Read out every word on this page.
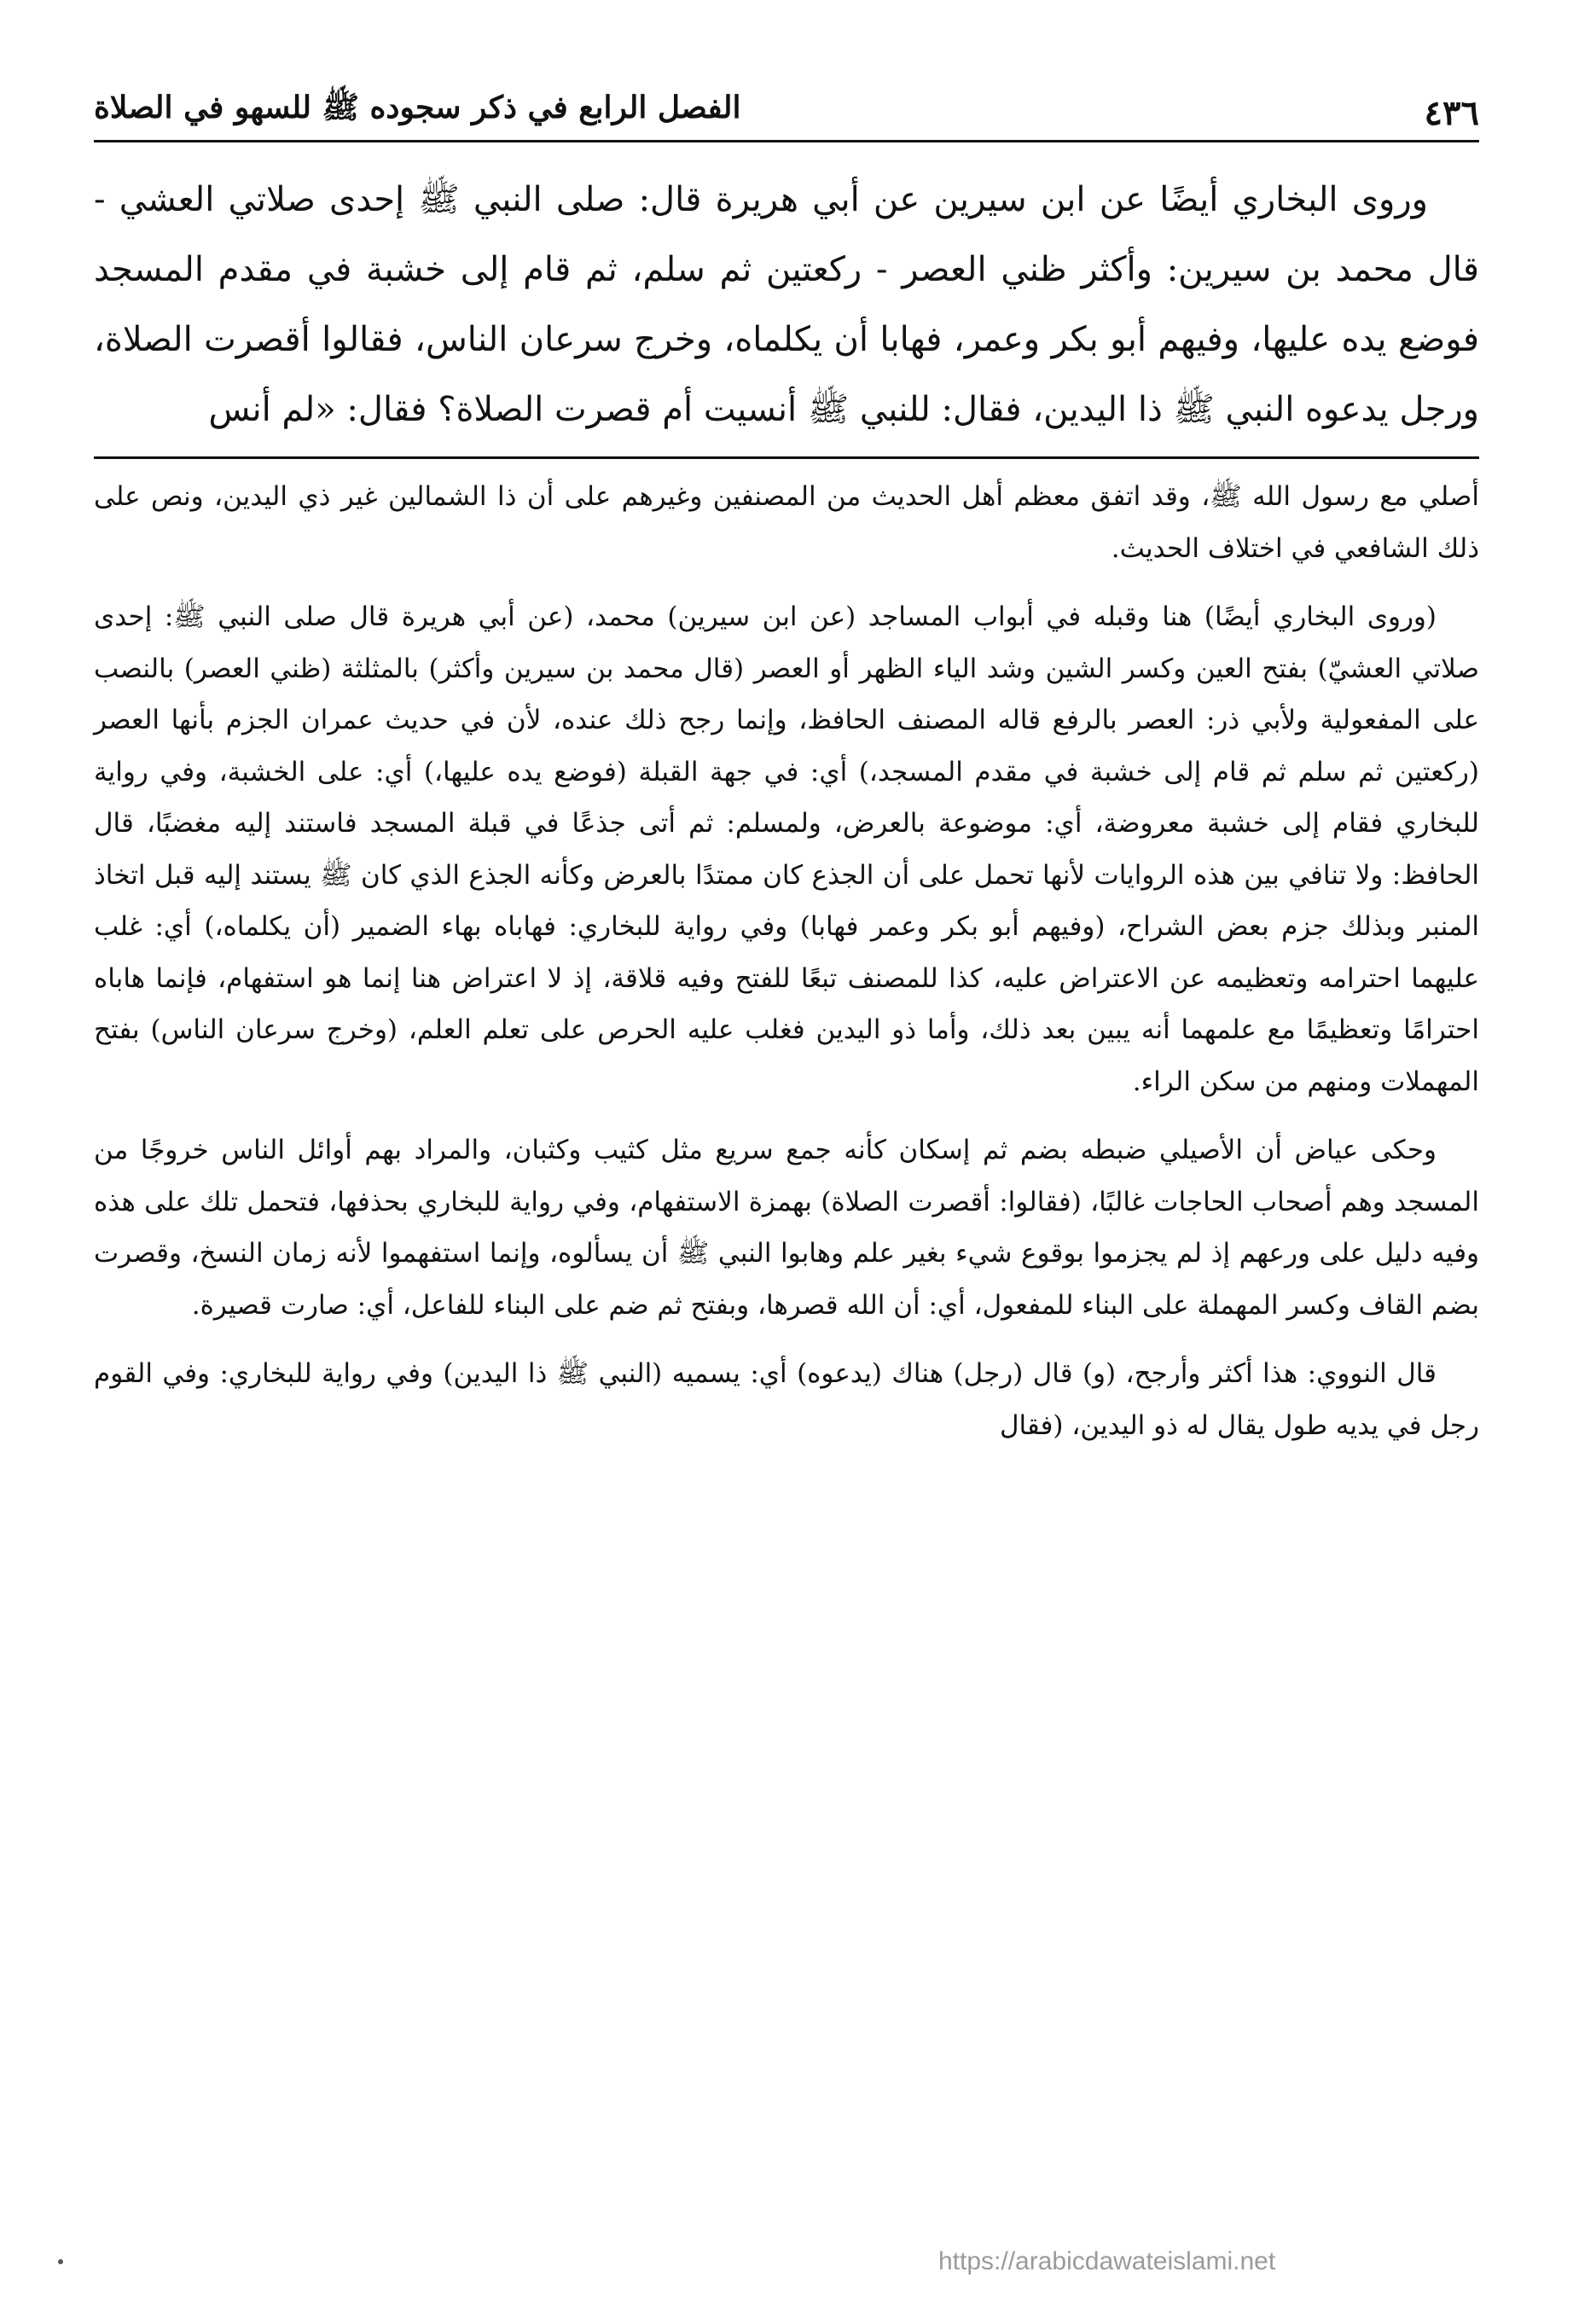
٤٣٦
الفصل الرابع في ذكر سجوده ﷺ للسهو في الصلاة

وروى البخاري أيضًا عن ابن سيرين عن أبي هريرة قال: صلى النبي ﷺ إحدى صلاتي العشي - قال محمد بن سيرين: وأكثر ظني العصر - ركعتين ثم سلم، ثم قام إلى خشبة في مقدم المسجد فوضع يده عليها، وفيهم أبو بكر وعمر، فهابا أن يكلماه، وخرج سرعان الناس، فقالوا أقصرت الصلاة، ورجل يدعوه النبي ﷺ ذا اليدين، فقال: للنبي ﷺ أنسيت أم قصرت الصلاة؟ فقال: «لم أنس

أصلي مع رسول الله ﷺ، وقد اتفق معظم أهل الحديث من المصنفين وغيرهم على أن ذا الشمالين غير ذي اليدين، ونص على ذلك الشافعي في اختلاف الحديث.

(وروى البخاري أيضًا) هنا وقبله في أبواب المساجد (عن ابن سيرين) محمد، (عن أبي هريرة قال صلى النبي ﷺ: إحدى صلاتي العشيّ) بفتح العين وكسر الشين وشد الياء الظهر أو العصر (قال محمد بن سيرين وأكثر) بالمثلثة (ظني العصر) بالنصب على المفعولية ولأبي ذر: العصر بالرفع قاله المصنف الحافظ، وإنما رجح ذلك عنده، لأن في حديث عمران الجزم بأنها العصر (ركعتين ثم سلم ثم قام إلى خشبة في مقدم المسجد،) أي: في جهة القبلة (فوضع يده عليها،) أي: على الخشبة، وفي رواية للبخاري فقام إلى خشبة معروضة، أي: موضوعة بالعرض، ولمسلم: ثم أتى جذعًا في قبلة المسجد فاستند إليه مغضبًا، قال الحافظ: ولا تنافي بين هذه الروايات لأنها تحمل على أن الجذع كان ممتدًا بالعرض وكأنه الجذع الذي كان ﷺ يستند إليه قبل اتخاذ المنبر وبذلك جزم بعض الشراح، (وفيهم أبو بكر وعمر فهابا) وفي رواية للبخاري: فهاباه بهاء الضمير (أن يكلماه،) أي: غلب عليهما احترامه وتعظيمه عن الاعتراض عليه، كذا للمصنف تبعًا للفتح وفيه قلاقة، إذ لا اعتراض هنا إنما هو استفهام، فإنما هاباه احترامًا وتعظيمًا مع علمهما أنه يبين بعد ذلك، وأما ذو اليدين فغلب عليه الحرص على تعلم العلم، (وخرج سرعان الناس) بفتح المهملات ومنهم من سكن الراء.

وحكى عياض أن الأصيلي ضبطه بضم ثم إسكان كأنه جمع سريع مثل كثيب وكثبان، والمراد بهم أوائل الناس خروجًا من المسجد وهم أصحاب الحاجات غالبًا، (فقالوا: أقصرت الصلاة) بهمزة الاستفهام، وفي رواية للبخاري بحذفها، فتحمل تلك على هذه وفيه دليل على ورعهم إذ لم يجزموا بوقوع شيء بغير علم وهابوا النبي ﷺ أن يسألوه، وإنما استفهموا لأنه زمان النسخ، وقصرت بضم القاف وكسر المهملة على البناء للمفعول، أي: أن الله قصرها، وبفتح ثم ضم على البناء للفاعل، أي: صارت قصيرة.

قال النووي: هذا أكثر وأرجح، (و) قال (رجل) هناك (يدعوه) أي: يسميه (النبي ﷺ ذا اليدين) وفي رواية للبخاري: وفي القوم رجل في يديه طول يقال له ذو اليدين، (فقال

https://arabicdawateislami.net
